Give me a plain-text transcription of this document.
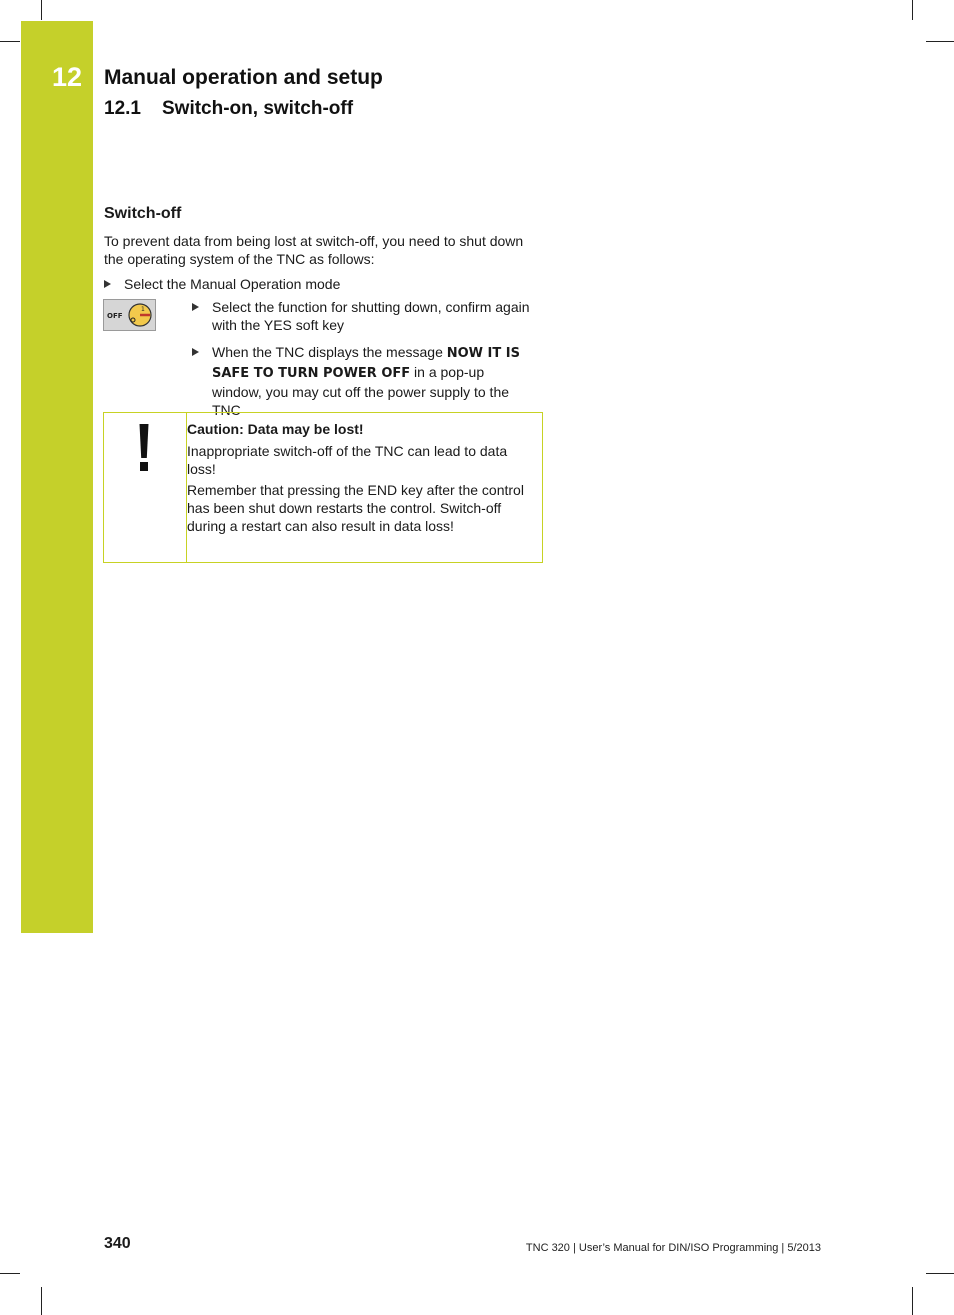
12 Manual operation and setup
12.1 Switch-on, switch-off
Switch-off
To prevent data from being lost at switch-off, you need to shut down the operating system of the TNC as follows:
Select the Manual Operation mode
OFF
1	Select the function for shutting down, confirm again with the YES soft key
When the TNC displays the message NOW IT IS
SAFE TO TURN POWER OFF in a pop-up window, you may cut off the power supply to the TNC
Caution: Data may be lost!
Inappropriate switch-off of the TNC can lead to data loss!
Remember that pressing the END key after the control has been shut down restarts the control. Switch-off during a restart can also result in data loss!
340	TNC 320 | User’s Manual for DIN/ISO Programming | 5/2013
